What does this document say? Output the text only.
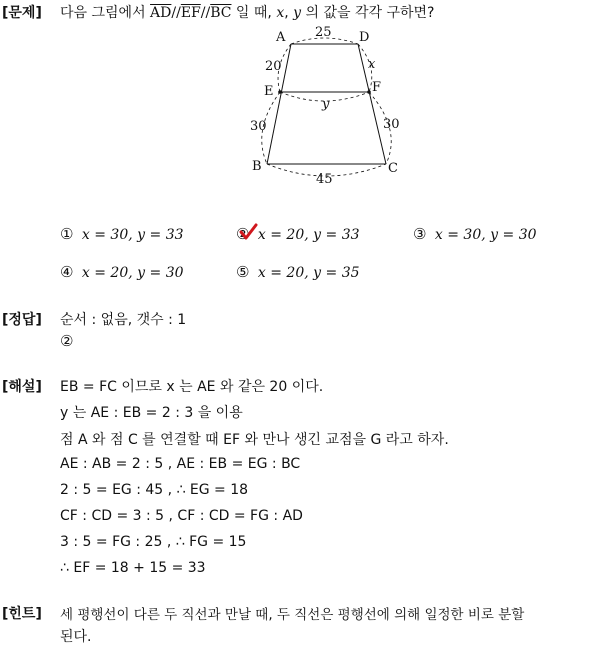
[문제] 다음 그림에서 $\overline{AD}//\overline{EF}//\overline{BC}$ 일 때, x, y 의 값을 각각 구하면?
A	D
E	F
B	C
25
20	x
y
30	30
45
① x = 30, y = 33	② x = 20, y = 33	③ x = 30, y = 30
④ x = 20, y = 30	⑤ x = 20, y = 35
[정답] 순서 : 없음, 갯수 : 1
②
[해설] EB = FC 이므로 x 는 AE 와 같은 20 이다.
y 는 AE : EB = 2 : 3 을 이용
점 A 와 점 C 를 연결할 때 EF 와 만나 생긴 교점을 G 라고 하자.
AE : AB = 2 : 5 , AE : EB = EG : BC
2 : 5 = EG : 45 , ∴ EG = 18
CF : CD = 3 : 5 , CF : CD = FG : AD
3 : 5 = FG : 25 , ∴ FG = 15
∴ EF = 18 + 15 = 33
[힌트] 세 평행선이 다른 두 직선과 만날 때, 두 직선은 평행선에 의해 일정한 비로 분할
된다.
